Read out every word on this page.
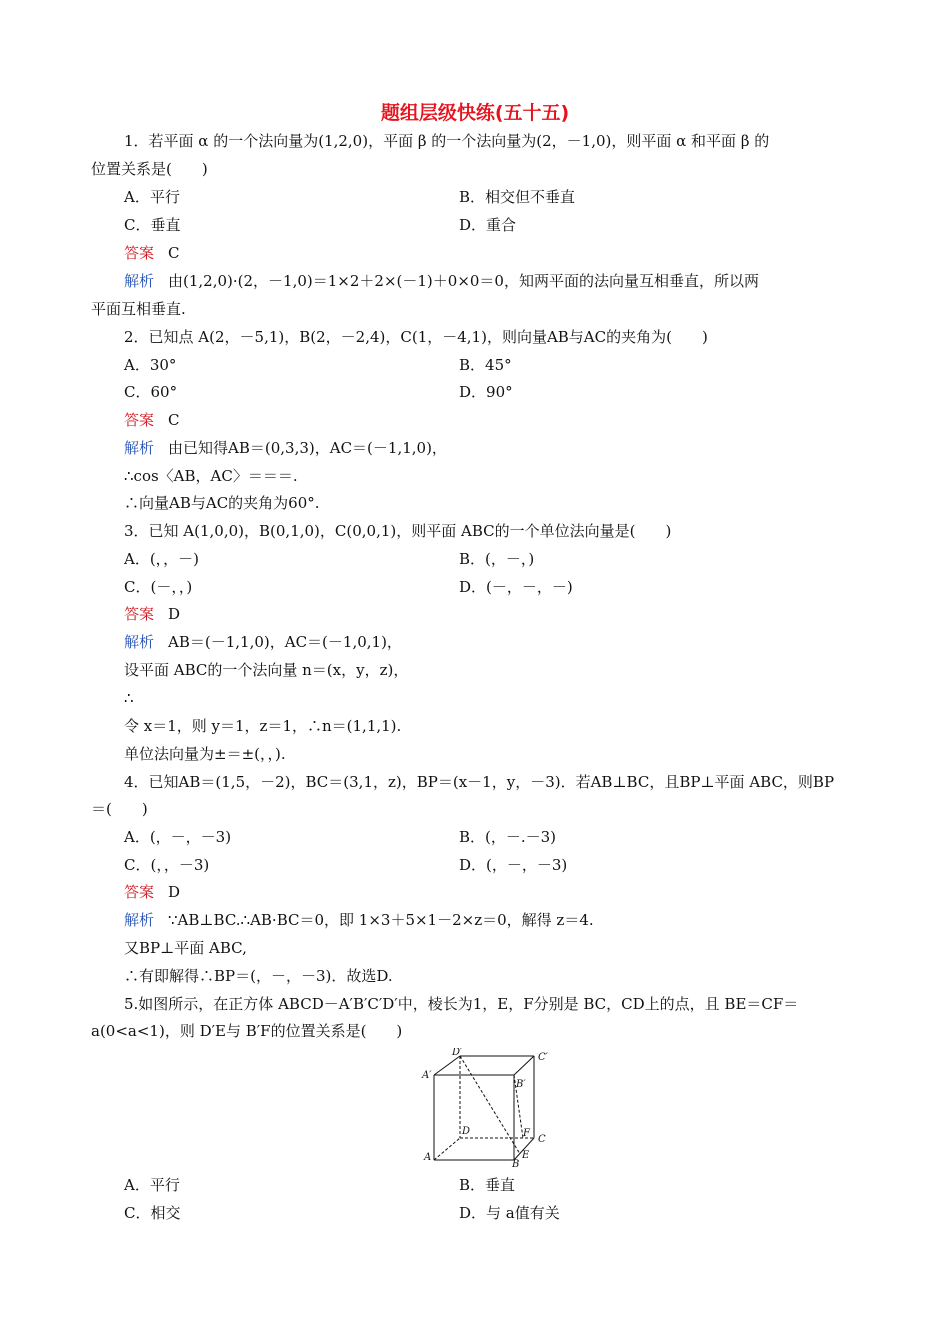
题组层级快练(五十五)
1．若平面 α 的一个法向量为(1,2,0)，平面 β 的一个法向量为(2，－1,0)，则平面 α 和平面 β 的
位置关系是(　　)
A．平行	B．相交但不垂直
C．垂直	D．重合
答案 C
解析 由(1,2,0)·(2，－1,0)＝1×2＋2×(－1)＋0×0＝0，知两平面的法向量互相垂直，所以两
平面互相垂直.
2．已知点 A(2，－5,1)，B(2，－2,4)，C(1，－4,1)，则向量AB与AC的夹角为(　　)
A．30°	B．45°
C．60°	D．90°
答案 C
解析 由已知得AB＝(0,3,3)，AC＝(－1,1,0)，
∴cos〈AB，AC〉＝＝＝.
∴向量AB与AC的夹角为60°.
3．已知 A(1,0,0)，B(0,1,0)，C(0,0,1)，则平面 ABC的一个单位法向量是(　　)
A．(，，－)	B．(，－，)
C．(－，，)	D．(－，－，－)
答案 D
解析 AB＝(－1,1,0)，AC＝(－1,0,1)，
设平面 ABC的一个法向量 n＝(x，y，z)，
∴
令 x＝1，则 y＝1，z＝1，∴n＝(1,1,1).
单位法向量为±＝±(，，).
4．已知AB＝(1,5，－2)，BC＝(3,1，z)，BP＝(x－1，y，－3)．若AB⊥BC，且BP⊥平面 ABC，则BP
＝(　　)
A．(，－，－3)	B．(，－.－3)
C．(，，－3)	D．(，－，－3)
答案 D
解析 ∵AB⊥BC.∴AB·BC＝0，即 1×3＋5×1－2×z＝0，解得 z＝4.
又BP⊥平面 ABC,
∴有即解得∴BP＝(，－，－3)．故选D.
5.如图所示，在正方体 ABCD－A′B′C′D′中，棱长为1，E，F分别是 BC，CD上的点，且 BE＝CF＝
a(0<a<1)，则 D′E与 B′F的位置关系是(　　)
D′	C′
A′
B′
D	F
C
A
B
E
A．平行	B．垂直
C．相交	D．与 a值有关
